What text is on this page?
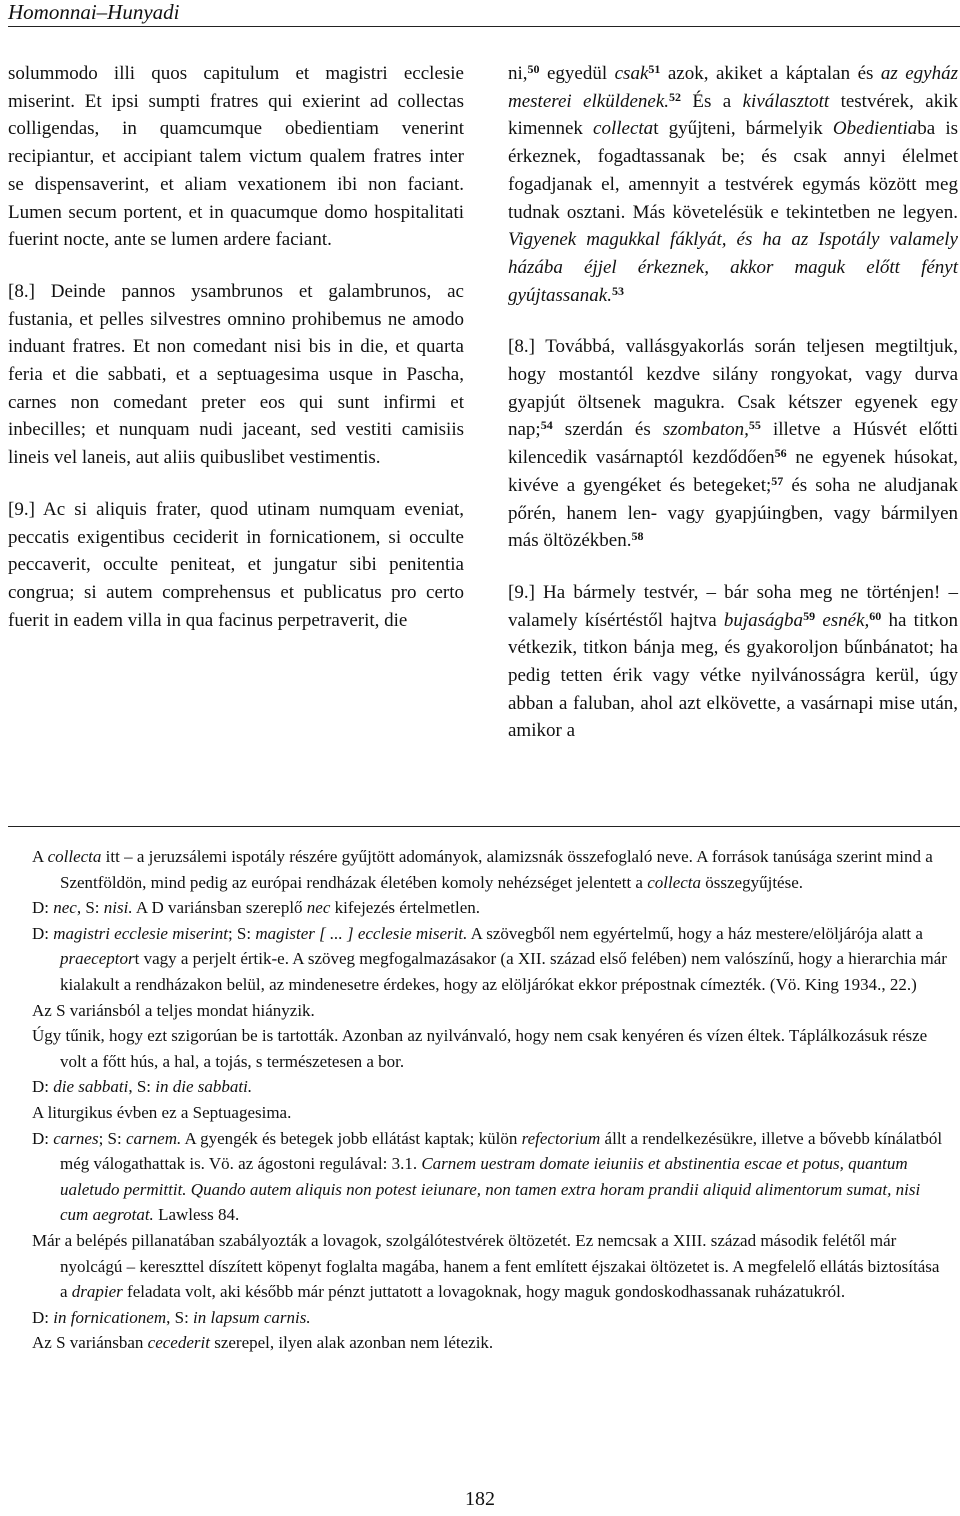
Homonnai–Hunyadi

solummodo illi quos capitulum et magistri ecclesie miserint. Et ipsi sumpti fratres qui exierint ad collectas colligendas, in quamcumque obedientiam venerint recipiantur, et accipiant talem victum qualem fratres inter se dispensaverint, et aliam vexationem ibi non faciant. Lumen secum portent, et in quacumque domo hospitalitati fuerint nocte, ante se lumen ardere faciant.

[8.] Deinde pannos ysambrunos et galambrunos, ac fustania, et pelles silvestres omnino prohibemus ne amodo induant fratres. Et non comedant nisi bis in die, et quarta feria et die sabbati, et a septuagesima usque in Pascha, carnes non comedant preter eos qui sunt infirmi et inbecilles; et nunquam nudi jaceant, sed vestiti camisiis lineis vel laneis, aut aliis quibuslibet vestimentis.

[9.] Ac si aliquis frater, quod utinam numquam eveniat, peccatis exigentibus ceciderit in fornicationem, si occulte peccaverit, occulte peniteat, et jungatur sibi penitentia congrua; si autem comprehensus et publicatus pro certo fuerit in eadem villa in qua facinus perpetraverit, die

ni,$^{50}$ egyedül csak$^{51}$ azok, akiket a káptalan és az egyház mesterei elküldenek.$^{52}$ És a kiválasztott testvérek, akik kimennek collectat gyűjteni, bármelyik Obedientiaba is érkeznek, fogadtassanak be; és csak annyi élelmet fogadjanak el, amennyit a testvérek egymás között meg tudnak osztani. Más követelésük e tekintetben ne legyen. Vigyenek magukkal fáklyát, és ha az Ispotály valamely házába éjjel érkeznek, akkor maguk előtt fényt gyújtassanak.$^{53}$

[8.] Továbbá, vallásgyakorlás során teljesen megtiltjuk, hogy mostantól kezdve silány rongyokat, vagy durva gyapjút öltsenek magukra. Csak kétszer egyenek egy nap;$^{54}$ szerdán és szombaton,$^{55}$ illetve a Húsvét előtti kilencedik vasárnaptól kezdődően$^{56}$ ne egyenek húsokat, kivéve a gyengéket és betegeket;$^{57}$ és soha ne aludjanak pőrén, hanem len- vagy gyapjúingben, vagy bármilyen más öltözékben.$^{58}$

[9.] Ha bármely testvér, – bár soha meg ne történjen! – valamely kísértéstől hajtva bujaságba$^{59}$ esnék,$^{60}$ ha titkon vétkezik, titkon bánja meg, és gyakoroljon bűnbánatot; ha pedig tetten érik vagy vétke nyilvánosságra kerül, úgy abban a faluban, ahol azt elkövette, a vasárnapi mise után, amikor a

A collecta itt – a jeruzsálemi ispotály részére gyűjtött adományok, alamizsnák összefoglaló neve. A források tanúsága szerint mind a Szentföldön, mind pedig az európai rendházak életében komoly nehézséget jelentett a collecta összegyűjtése.
D: nec, S: nisi. A D variánsban szereplő nec kifejezés értelmetlen.
D: magistri ecclesie miserint; S: magister [ ... ] ecclesie miserit. A szövegből nem egyértelmű, hogy a ház mestere/elöljárója alatt a praeceptort vagy a perjelt értik-e. A szöveg megfogalmazásakor (a XII. század első felében) nem valószínű, hogy a hierarchia már kialakult a rendházakon belül, az mindenesetre érdekes, hogy az elöljárókat ekkor prépostnak címezték. (Vö. King 1934., 22.)
Az S variánsból a teljes mondat hiányzik.
Úgy tűnik, hogy ezt szigorúan be is tartották. Azonban az nyilvánvaló, hogy nem csak kenyéren és vízen éltek. Táplálkozásuk része volt a főtt hús, a hal, a tojás, s természetesen a bor.
D: die sabbati, S: in die sabbati.
A liturgikus évben ez a Septuagesima.
D: carnes; S: carnem. A gyengék és betegek jobb ellátást kaptak; külön refectorium állt a rendelkezésükre, illetve a bővebb kínálatból még válogathattak is. Vö. az ágostoni regulával: 3.1. Carnem uestram domate ieiuniis et abstinentia escae et potus, quantum ualetudo permittit. Quando autem aliquis non potest ieiunare, non tamen extra horam prandii aliquid alimentorum sumat, nisi cum aegrotat. Lawless 84.
Már a belépés pillanatában szabályozták a lovagok, szolgálótestvérek öltözetét. Ez nemcsak a XIII. század második felétől már nyolcágú – kereszttel díszített köpenyt foglalta magába, hanem a fent említett éjszakai öltözetet is. A megfelelő ellátás biztosítása a drapier feladata volt, aki később már pénzt juttatott a lovagoknak, hogy maguk gondoskodhassanak ruházatukról.
D: in fornicationem, S: in lapsum carnis.
Az S variánsban cecederit szerepel, ilyen alak azonban nem létezik.
182
